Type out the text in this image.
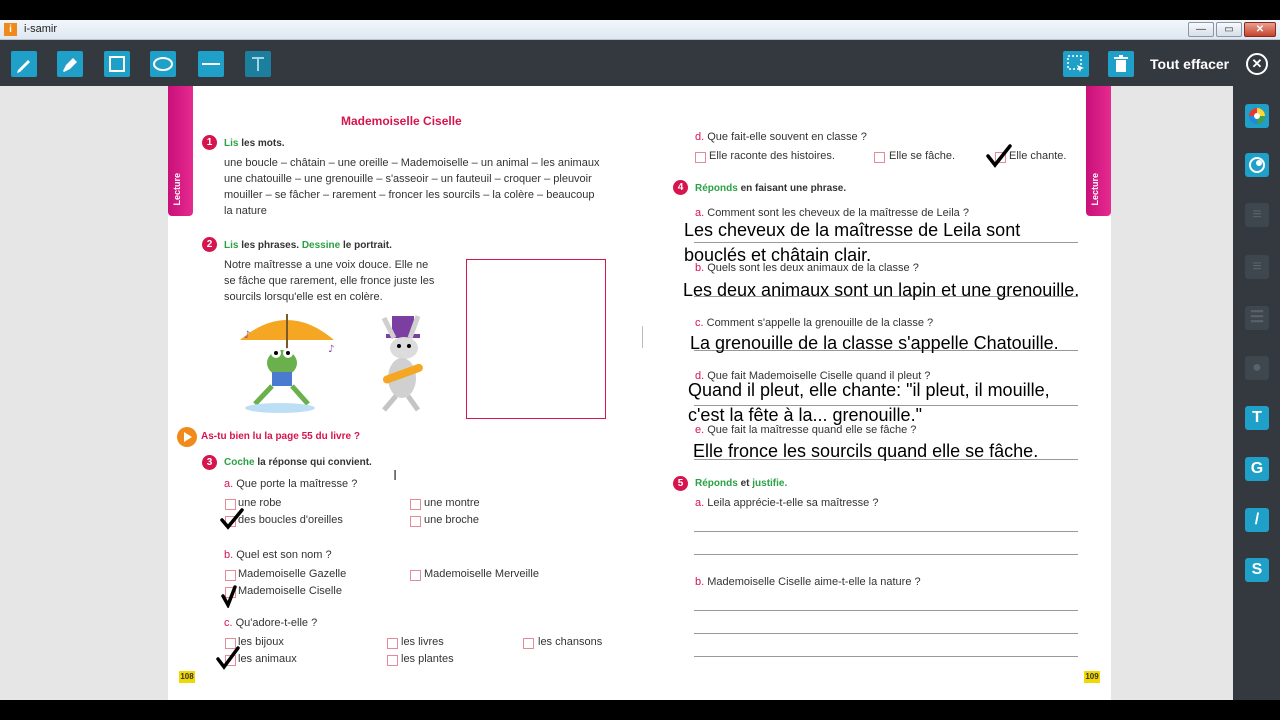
i	i-samir	—	▭	✕
Tout effacer	✕
≡
≡
☰
●
T
G
/
S
Lecture	Lecture
Mademoiselle Ciselle
1	Lis les mots.
une boucle – châtain – une oreille – Mademoiselle – un animal – les animaux
une chatouille – une grenouille – s'asseoir – un fauteuil – croquer – pleuvoir
mouiller – se fâcher – rarement – froncer les sourcils – la colère – beaucoup
la nature
2	Lis les phrases. Dessine le portrait.
Notre maîtresse a une voix douce. Elle ne
se fâche que rarement, elle fronce juste les
sourcils lorsqu'elle est en colère.
♪
♪
As-tu bien lu la page 55 du livre ?
3	Coche la réponse qui convient.
I
a. Que porte la maîtresse ?
une robe	une montre
des boucles d'oreilles	une broche
b. Quel est son nom ?
Mademoiselle Gazelle	Mademoiselle Merveille
Mademoiselle Ciselle
c. Qu'adore-t-elle ?
les bijoux	les livres	les chansons
les animaux	les plantes
108
d. Que fait-elle souvent en classe ?
Elle raconte des histoires.	Elle se fâche.	Elle chante.
4	Réponds en faisant une phrase.
a. Comment sont les cheveux de la maîtresse de Leila ?
Les cheveux de la maîtresse de Leila sont
bouclés et châtain clair.
b. Quels sont les deux animaux de la classe ?
Les deux animaux sont un lapin et une grenouille.
c. Comment s'appelle la grenouille de la classe ?
La grenouille de la classe s'appelle Chatouille.
d. Que fait Mademoiselle Ciselle quand il pleut ?
Quand il pleut, elle chante: "il pleut, il mouille,
c'est la fête à la... grenouille."
e. Que fait la maîtresse quand elle se fâche ?
Elle fronce les sourcils quand elle se fâche.
5	Réponds et justifie.
a. Leila apprécie-t-elle sa maîtresse ?
b. Mademoiselle Ciselle aime-t-elle la nature ?
109
